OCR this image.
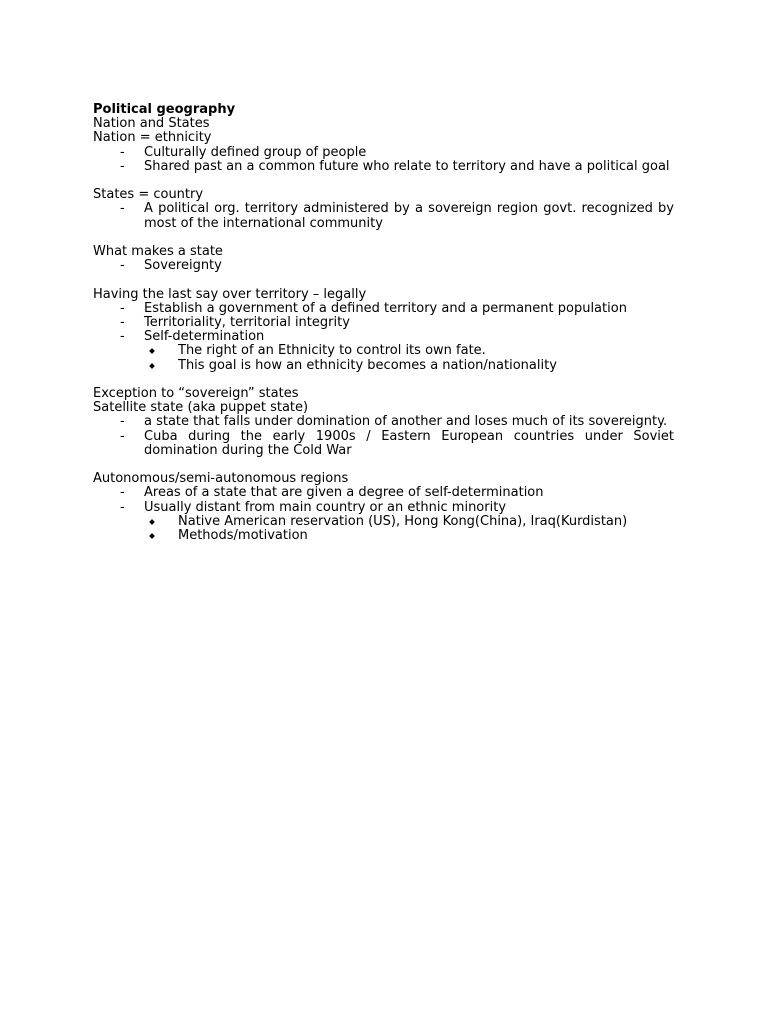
Political geography

Nation and States

Nation = ethnicity

- Culturally defined group of people
- Shared past an a common future who relate to territory and have a political goal

States = country

- A political org. territory administered by a sovereign region govt. recognized by most of the international community

What makes a state

- Sovereignty

Having the last say over territory – legally

- Establish a government of a defined territory and a permanent population
- Territoriality, territorial integrity
- Self-determination
The right of an Ethnicity to control its own fate.
This goal is how an ethnicity becomes a nation/nationality

Exception to “sovereign” states

Satellite state (aka puppet state)

- a state that falls under domination of another and loses much of its sovereignty.
- Cuba during the early 1900s / Eastern European countries under Soviet domination during the Cold War

Autonomous/semi-autonomous regions

- Areas of a state that are given a degree of self-determination
- Usually distant from main country or an ethnic minority
Native American reservation (US), Hong Kong(China), Iraq(Kurdistan)
Methods/motivation
